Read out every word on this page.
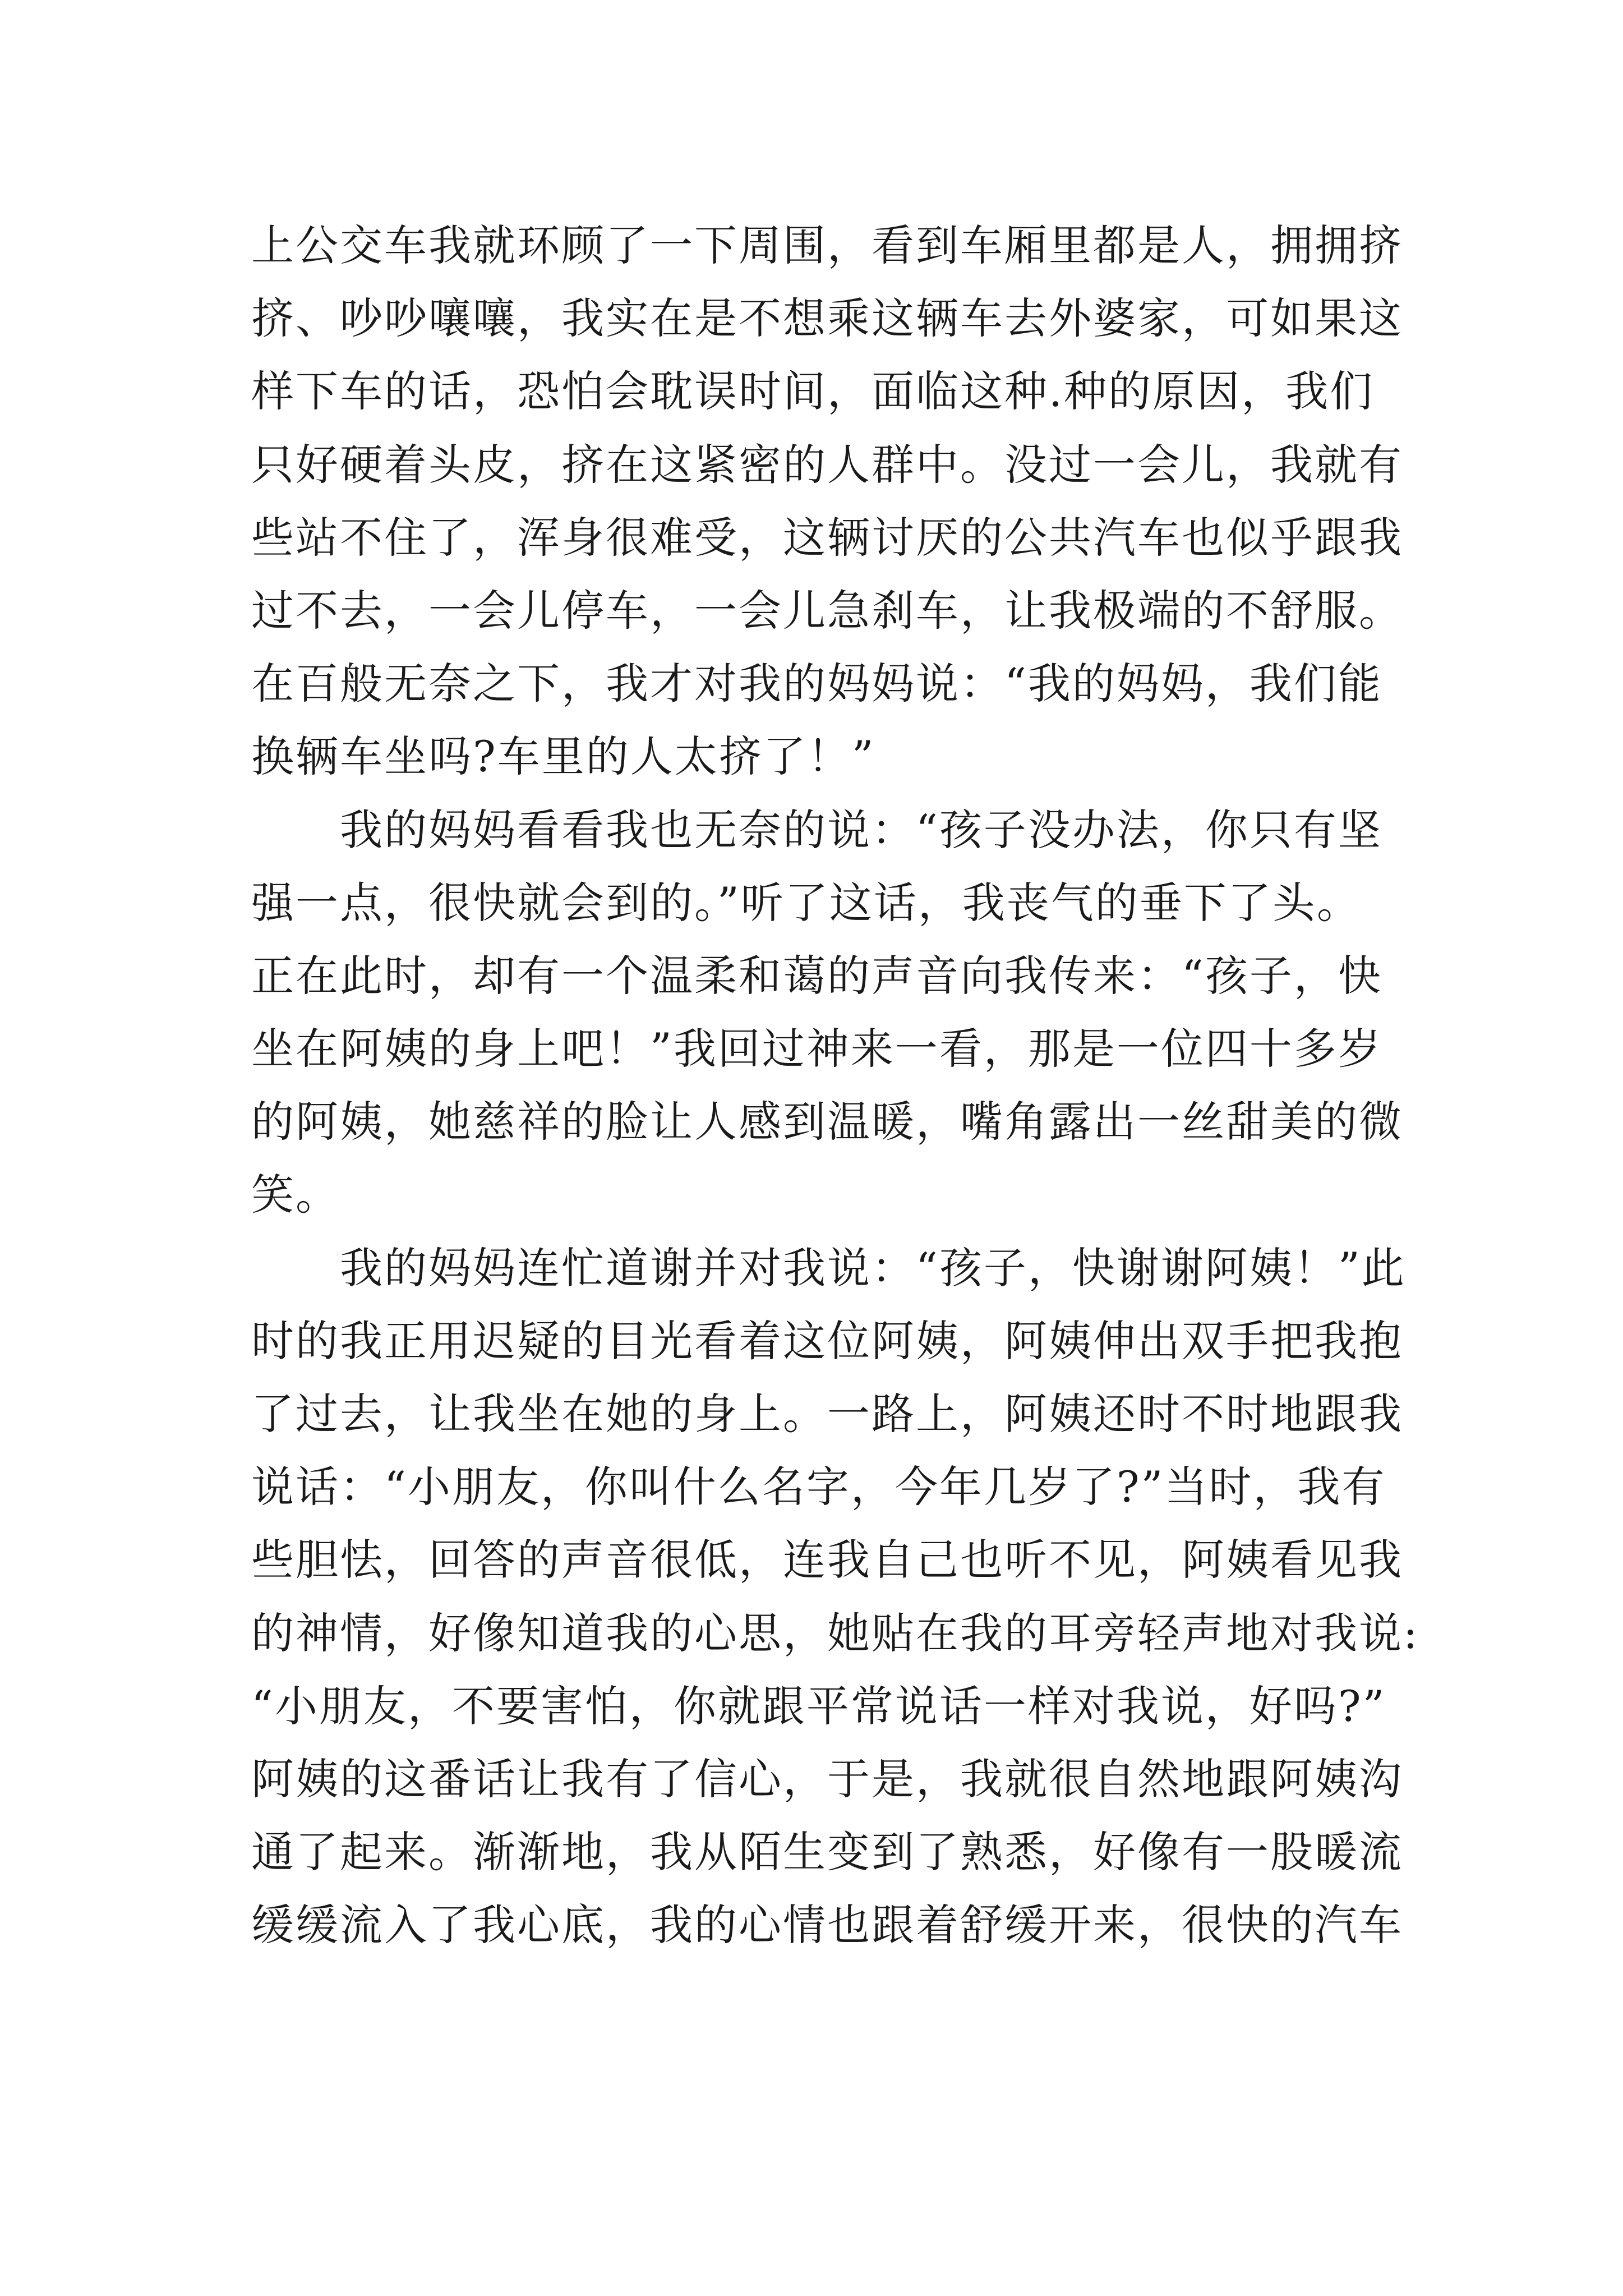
上公交车我就环顾了一下周围，看到车厢里都是人，拥拥挤
挤、吵吵嚷嚷，我实在是不想乘这辆车去外婆家，可如果这
样下车的话，恐怕会耽误时间，面临这种.种的原因，我们
只好硬着头皮，挤在这紧密的人群中。没过一会儿，我就有
些站不住了，浑身很难受，这辆讨厌的公共汽车也似乎跟我
过不去，一会儿停车，一会儿急刹车，让我极端的不舒服。
在百般无奈之下，我才对我的妈妈说：“我的妈妈，我们能
换辆车坐吗?车里的人太挤了！”
　　我的妈妈看看我也无奈的说：“孩子没办法，你只有坚
强一点，很快就会到的。”听了这话，我丧气的垂下了头。
正在此时，却有一个温柔和蔼的声音向我传来：“孩子，快
坐在阿姨的身上吧！”我回过神来一看，那是一位四十多岁
的阿姨，她慈祥的脸让人感到温暖，嘴角露出一丝甜美的微
笑。
　　我的妈妈连忙道谢并对我说：“孩子，快谢谢阿姨！”此
时的我正用迟疑的目光看着这位阿姨，阿姨伸出双手把我抱
了过去，让我坐在她的身上。一路上，阿姨还时不时地跟我
说话：“小朋友，你叫什么名字，今年几岁了?”当时，我有
些胆怯，回答的声音很低，连我自己也听不见，阿姨看见我
的神情，好像知道我的心思，她贴在我的耳旁轻声地对我说:
“小朋友，不要害怕，你就跟平常说话一样对我说，好吗?”
阿姨的这番话让我有了信心，于是，我就很自然地跟阿姨沟
通了起来。渐渐地，我从陌生变到了熟悉，好像有一股暖流
缓缓流入了我心底，我的心情也跟着舒缓开来，很快的汽车
